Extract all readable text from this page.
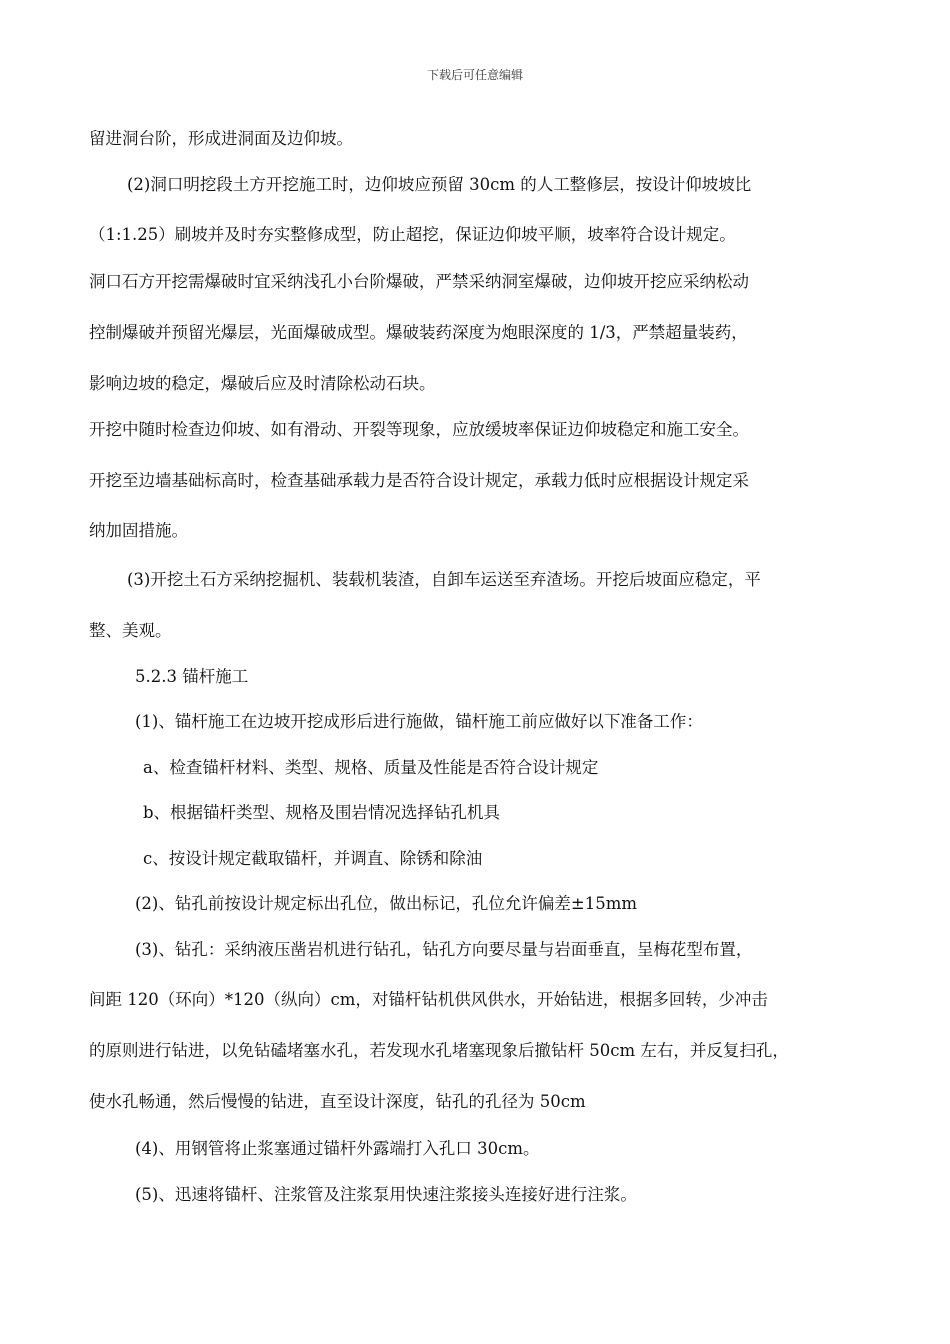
下载后可任意编辑
留进洞台阶，形成进洞面及边仰坡。
(2)洞口明挖段土方开挖施工时，边仰坡应预留 30cm 的人工整修层，按设计仰坡坡比
（1:1.25）刷坡并及时夯实整修成型，防止超挖，保证边仰坡平顺，坡率符合设计规定。
洞口石方开挖需爆破时宜采纳浅孔小台阶爆破，严禁采纳洞室爆破，边仰坡开挖应采纳松动
控制爆破并预留光爆层，光面爆破成型。爆破装药深度为炮眼深度的 1/3，严禁超量装药，
影响边坡的稳定，爆破后应及时清除松动石块。
开挖中随时检查边仰坡、如有滑动、开裂等现象，应放缓坡率保证边仰坡稳定和施工安全。
开挖至边墙基础标高时，检查基础承载力是否符合设计规定，承载力低时应根据设计规定采
纳加固措施。
(3)开挖土石方采纳挖掘机、装载机装渣，自卸车运送至弃渣场。开挖后坡面应稳定，平
整、美观。
5.2.3 锚杆施工
(1)、锚杆施工在边坡开挖成形后进行施做，锚杆施工前应做好以下准备工作：
a、检查锚杆材料、类型、规格、质量及性能是否符合设计规定
b、根据锚杆类型、规格及围岩情况选择钻孔机具
c、按设计规定截取锚杆，并调直、除锈和除油
(2)、钻孔前按设计规定标出孔位，做出标记，孔位允许偏差±15mm
(3)、钻孔：采纳液压凿岩机进行钻孔，钻孔方向要尽量与岩面垂直，呈梅花型布置，
间距 120（环向）*120（纵向）cm，对锚杆钻机供风供水，开始钻进，根据多回转，少冲击
的原则进行钻进，以免钻磕堵塞水孔，若发现水孔堵塞现象后撤钻杆 50cm 左右，并反复扫孔，
使水孔畅通，然后慢慢的钻进，直至设计深度，钻孔的孔径为 50cm
(4)、用钢管将止浆塞通过锚杆外露端打入孔口 30cm。
(5)、迅速将锚杆、注浆管及注浆泵用快速注浆接头连接好进行注浆。
